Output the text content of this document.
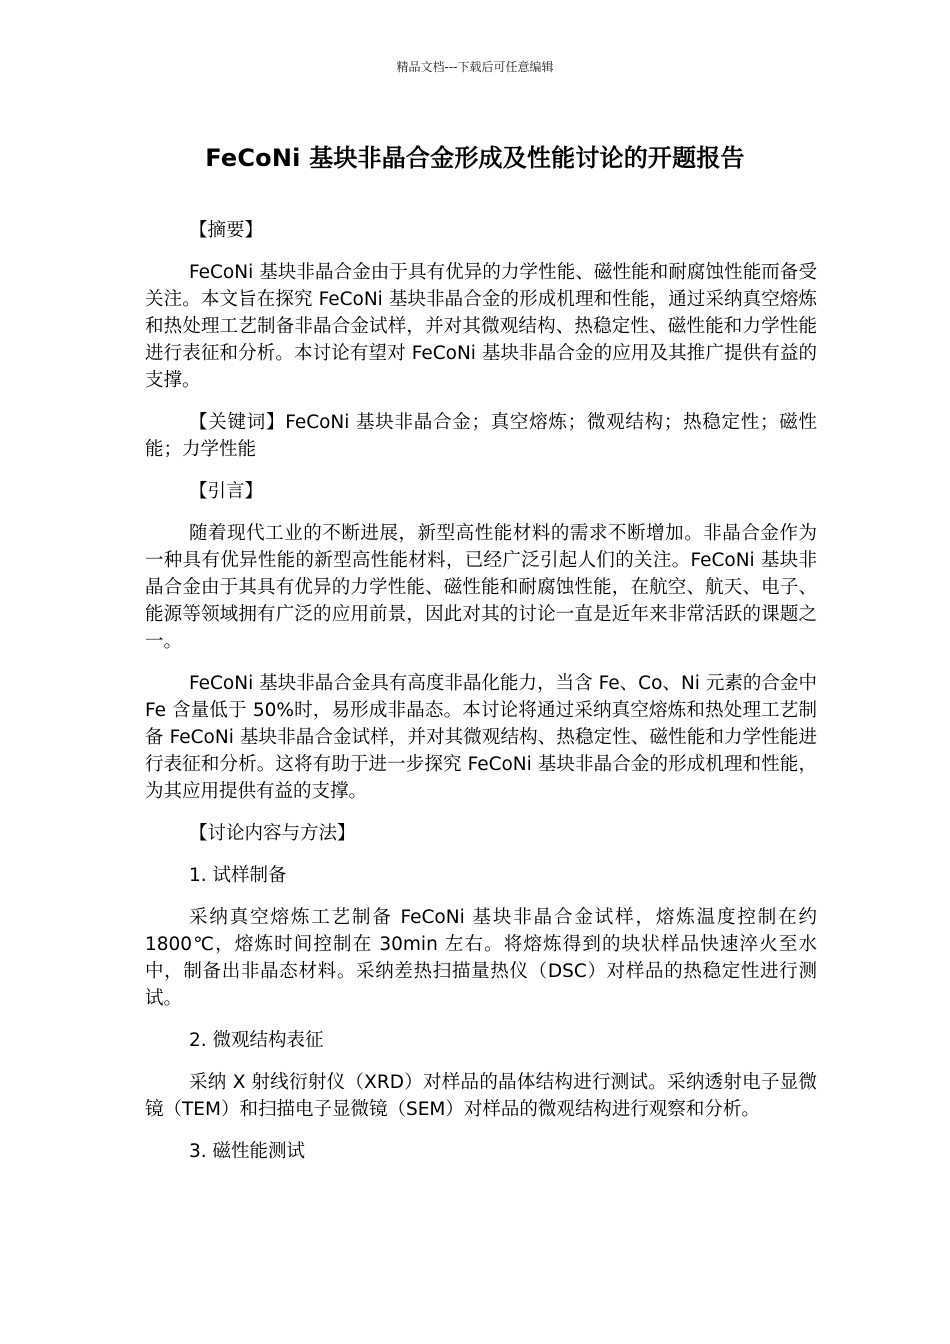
精品文档---下载后可任意编辑
FeCoNi 基块非晶合金形成及性能讨论的开题报告

【摘要】

FeCoNi 基块非晶合金由于具有优异的力学性能、磁性能和耐腐蚀性能而备受关注。本文旨在探究 FeCoNi 基块非晶合金的形成机理和性能，通过采纳真空熔炼和热处理工艺制备非晶合金试样，并对其微观结构、热稳定性、磁性能和力学性能进行表征和分析。本讨论有望对 FeCoNi 基块非晶合金的应用及其推广提供有益的支撑。

【关键词】FeCoNi 基块非晶合金；真空熔炼；微观结构；热稳定性；磁性能；力学性能

【引言】

随着现代工业的不断进展，新型高性能材料的需求不断增加。非晶合金作为一种具有优异性能的新型高性能材料，已经广泛引起人们的关注。FeCoNi 基块非晶合金由于其具有优异的力学性能、磁性能和耐腐蚀性能，在航空、航天、电子、能源等领域拥有广泛的应用前景，因此对其的讨论一直是近年来非常活跃的课题之一。

FeCoNi 基块非晶合金具有高度非晶化能力，当含 Fe、Co、Ni 元素的合金中 Fe 含量低于 50%时，易形成非晶态。本讨论将通过采纳真空熔炼和热处理工艺制备 FeCoNi 基块非晶合金试样，并对其微观结构、热稳定性、磁性能和力学性能进行表征和分析。这将有助于进一步探究 FeCoNi 基块非晶合金的形成机理和性能，为其应用提供有益的支撑。

【讨论内容与方法】

1. 试样制备

采纳真空熔炼工艺制备 FeCoNi 基块非晶合金试样，熔炼温度控制在约 1800℃，熔炼时间控制在 30min 左右。将熔炼得到的块状样品快速淬火至水中，制备出非晶态材料。采纳差热扫描量热仪（DSC）对样品的热稳定性进行测试。

2. 微观结构表征

采纳 X 射线衍射仪（XRD）对样品的晶体结构进行测试。采纳透射电子显微镜（TEM）和扫描电子显微镜（SEM）对样品的微观结构进行观察和分析。

3. 磁性能测试
